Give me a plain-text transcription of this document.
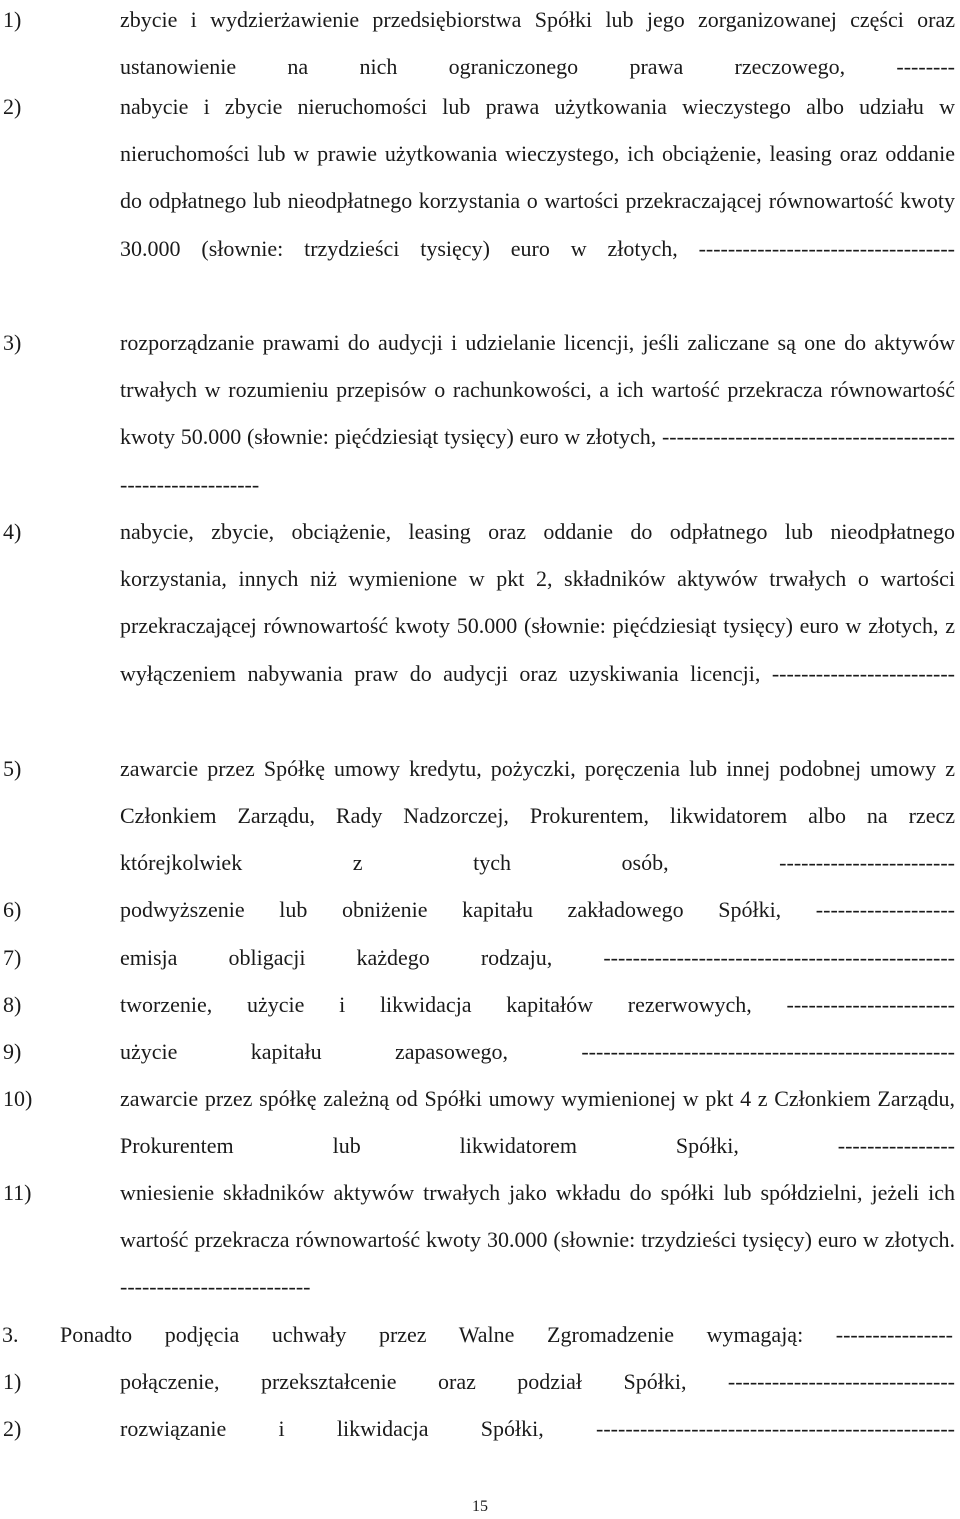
1)	zbycie i wydzierżawienie przedsiębiorstwa Spółki lub jego zorganizowanej części oraz ustanowienie na nich ograniczonego prawa rzeczowego, --------
2)	nabycie i zbycie nieruchomości lub prawa użytkowania wieczystego albo udziału w nieruchomości lub w prawie użytkowania wieczystego, ich obciążenie, leasing oraz oddanie do odpłatnego lub nieodpłatnego korzystania o wartości przekraczającej równowartość kwoty 30.000 (słownie: trzydzieści tysięcy) euro w złotych, -----------------------------------
3)	rozporządzanie prawami do audycji i udzielanie licencji, jeśli zaliczane są one do aktywów trwałych w rozumieniu przepisów o rachunkowości, a ich wartość przekracza równowartość kwoty 50.000 (słownie: pięćdziesiąt tysięcy) euro w złotych, -----------------------------------------------------------
4)	nabycie, zbycie, obciążenie, leasing oraz oddanie do odpłatnego lub nieodpłatnego korzystania, innych niż wymienione w pkt 2, składników aktywów trwałych o wartości przekraczającej równowartość kwoty 50.000 (słownie: pięćdziesiąt tysięcy) euro w złotych, z wyłączeniem nabywania praw do audycji oraz uzyskiwania licencji, -------------------------
5)	zawarcie przez Spółkę umowy kredytu, pożyczki, poręczenia lub innej podobnej umowy z Członkiem Zarządu, Rady Nadzorczej, Prokurentem, likwidatorem albo na rzecz którejkolwiek z tych osób, ------------------------
6)	podwyższenie lub obniżenie kapitału zakładowego Spółki, -------------------
7)	emisja obligacji każdego rodzaju, ------------------------------------------------
8)	tworzenie, użycie i likwidacja kapitałów rezerwowych, -----------------------
9)	użycie kapitału zapasowego, ---------------------------------------------------
10)	zawarcie przez spółkę zależną od Spółki umowy wymienionej w pkt 4 z Członkiem Zarządu, Prokurentem lub likwidatorem Spółki, ----------------
11)	wniesienie składników aktywów trwałych jako wkładu do spółki lub spółdzielni, jeżeli ich wartość przekracza równowartość kwoty 30.000 (słownie: trzydzieści tysięcy) euro w złotych. --------------------------
3. Ponadto podjęcia uchwały przez Walne Zgromadzenie wymagają: ----------------
1)	połączenie, przekształcenie oraz podział Spółki, -------------------------------
2)	rozwiązanie i likwidacja Spółki, -------------------------------------------------
15
